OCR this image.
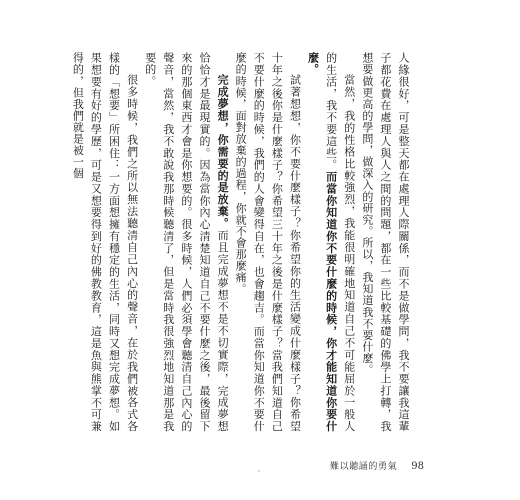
人緣很好，可是整天都在處理人際關係，而不是做學問，我不要讓我這輩子都花費在處理人與人之間的問題，都在一些比較基礎的佛學上打轉，我想要做更高的學問，做深入的研究。所以，我知道我不要什麼。

當然，我的性格比較強烈，我能很明確地知道自己不可能屈於一般人的生活，我不要這些。而當你知道你不要什麼的時候，你才能知道你要什麼。

試著想想，你不要什麼樣子？你希望你的生活變成什麼樣子？你希望十年之後你是什麼樣子？你希望三十年之後是什麼樣子？當我們知道自己不要什麼的時候，我們的人會變得自在，也會趨吉。而當你知道你不要什麼的時候，面對放棄的過程，你就不會那麼痛。

完成夢想，你需要的是放棄。而且完成夢想不是不切實際，完成夢想恰恰才是最現實的。因為當你內心清楚知道自己不要什麼之後，最後留下來的那個東西才會是你想要的。很多時候，人們必須學會聽清自己內心的聲音，當然，我不敢說我那時候聽清了，但是當時我很強烈地知道那是我要的。

很多時候，我們之所以無法聽清自己內心的聲音，在於我們被各式各樣的「想要」所困住：一方面想擁有穩定的生活，同時又想完成夢想。如果想要有好的學歷，可是又想要得到好的佛教教育，這是魚與熊掌不可兼得的，但我們就是被一個

難以聽誦的勇氣 98
